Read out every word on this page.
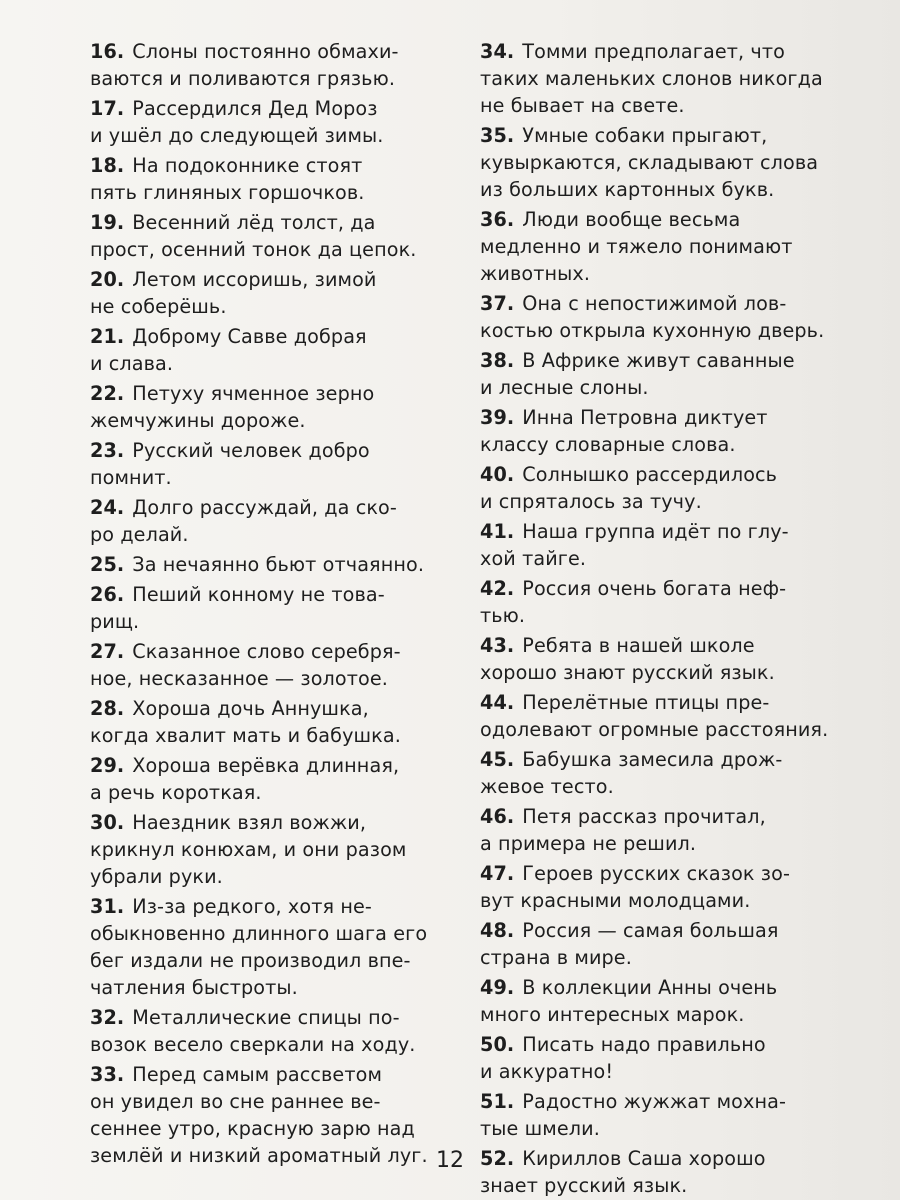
16. Слоны постоянно обмахи-
ваются и поливаются грязью.
17. Рассердился Дед Мороз
и ушёл до следующей зимы.
18. На подоконнике стоят
пять глиняных горшочков.
19. Весенний лёд толст, да
прост, осенний тонок да цепок.
20. Летом иссоришь, зимой
не соберёшь.
21. Доброму Савве добрая
и слава.
22. Петуху ячменное зерно
жемчужины дороже.
23. Русский человек добро
помнит.
24. Долго рассуждай, да ско-
ро делай.
25. За нечаянно бьют отчаянно.
26. Пеший конному не това-
рищ.
27. Сказанное слово серебря-
ное, несказанное — золотое.
28. Хороша дочь Аннушка,
когда хвалит мать и бабушка.
29. Хороша верёвка длинная,
а речь короткая.
30. Наездник взял вожжи,
крикнул конюхам, и они разом
убрали руки.
31. Из-за редкого, хотя не-
обыкновенно длинного шага его
бег издали не производил впе-
чатления быстроты.
32. Металлические спицы по-
возок весело сверкали на ходу.
33. Перед самым рассветом
он увидел во сне раннее ве-
сеннее утро, красную зарю над
землёй и низкий ароматный луг.
34. Томми предполагает, что
таких маленьких слонов никогда
не бывает на свете.
35. Умные собаки прыгают,
кувыркаются, складывают слова
из больших картонных букв.
36. Люди вообще весьма
медленно и тяжело понимают
животных.
37. Она с непостижимой лов-
костью открыла кухонную дверь.
38. В Африке живут саванные
и лесные слоны.
39. Инна Петровна диктует
классу словарные слова.
40. Солнышко рассердилось
и спряталось за тучу.
41. Наша группа идёт по глу-
хой тайге.
42. Россия очень богата неф-
тью.
43. Ребята в нашей школе
хорошо знают русский язык.
44. Перелётные птицы пре-
одолевают огромные расстояния.
45. Бабушка замесила дрож-
жевое тесто.
46. Петя рассказ прочитал,
а примера не решил.
47. Героев русских сказок зо-
вут красными молодцами.
48. Россия — самая большая
страна в мире.
49. В коллекции Анны очень
много интересных марок.
50. Писать надо правильно
и аккуратно!
51. Радостно жужжат мохна-
тые шмели.
52. Кириллов Саша хорошо
знает русский язык.
12
